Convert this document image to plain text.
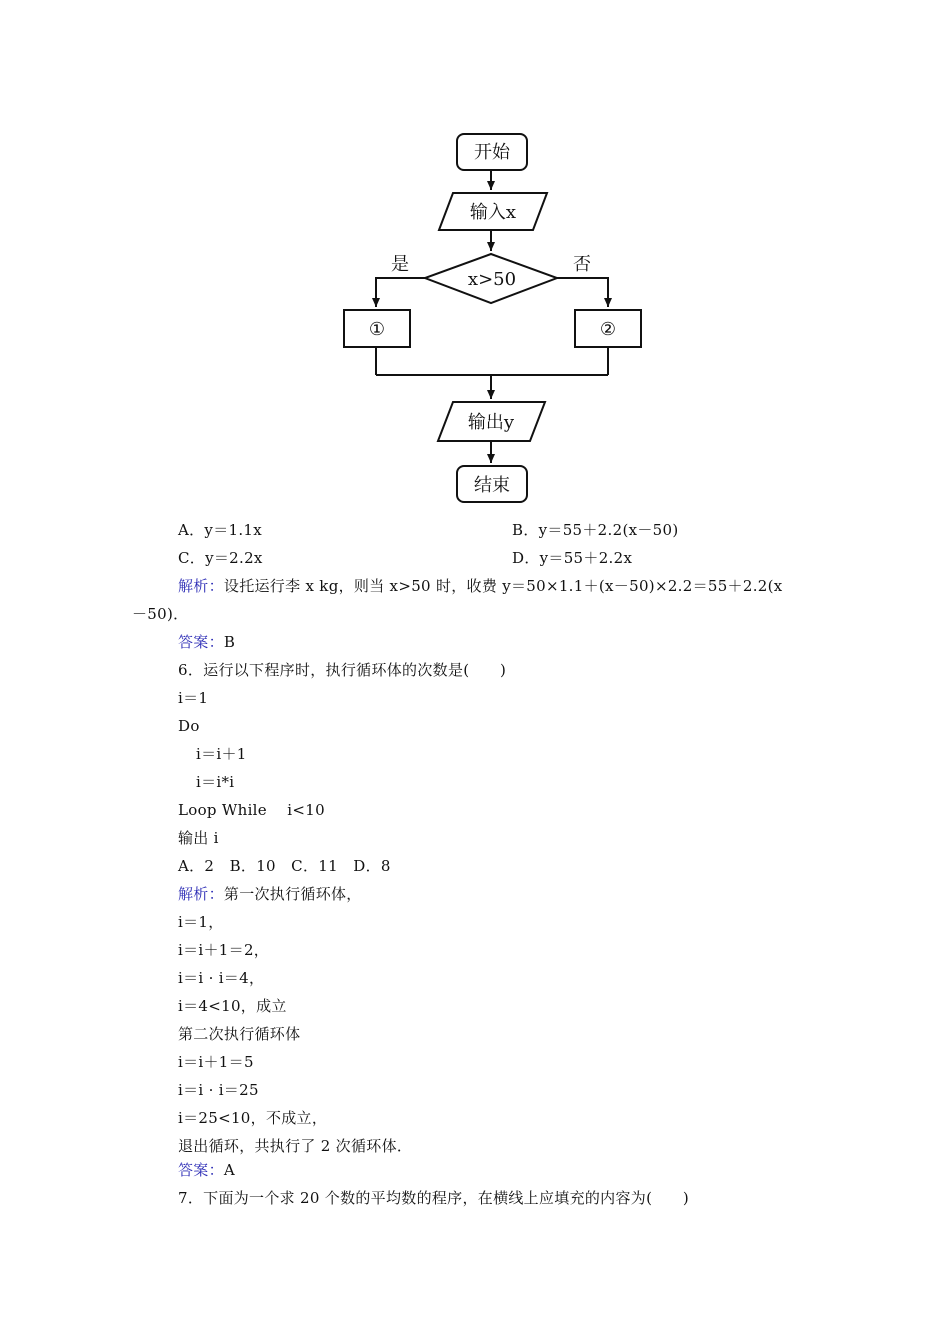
开始
输入x
x>50
是	否
①	②
输出y
结束
A．y＝1.1x	B．y＝55＋2.2(x－50)
C．y＝2.2x	D．y＝55＋2.2x
解析：设托运行李 x kg，则当 x>50 时，收费 y＝50×1.1＋(x－50)×2.2＝55＋2.2(x
－50)．
答案：B
6．运行以下程序时，执行循环体的次数是(　　)
i＝1
Do
i＝i＋1
i＝i*i
Loop While　 i<10
输出 i
A．2　B．10　C．11　D．8
解析：第一次执行循环体，
i＝1，
i＝i＋1＝2，
i＝i · i＝4，
i＝4<10，成立
第二次执行循环体
i＝i＋1＝5
i＝i · i＝25
i＝25<10，不成立，
退出循环，共执行了 2 次循环体．
答案：A
7．下面为一个求 20 个数的平均数的程序，在横线上应填充的内容为(　　)
